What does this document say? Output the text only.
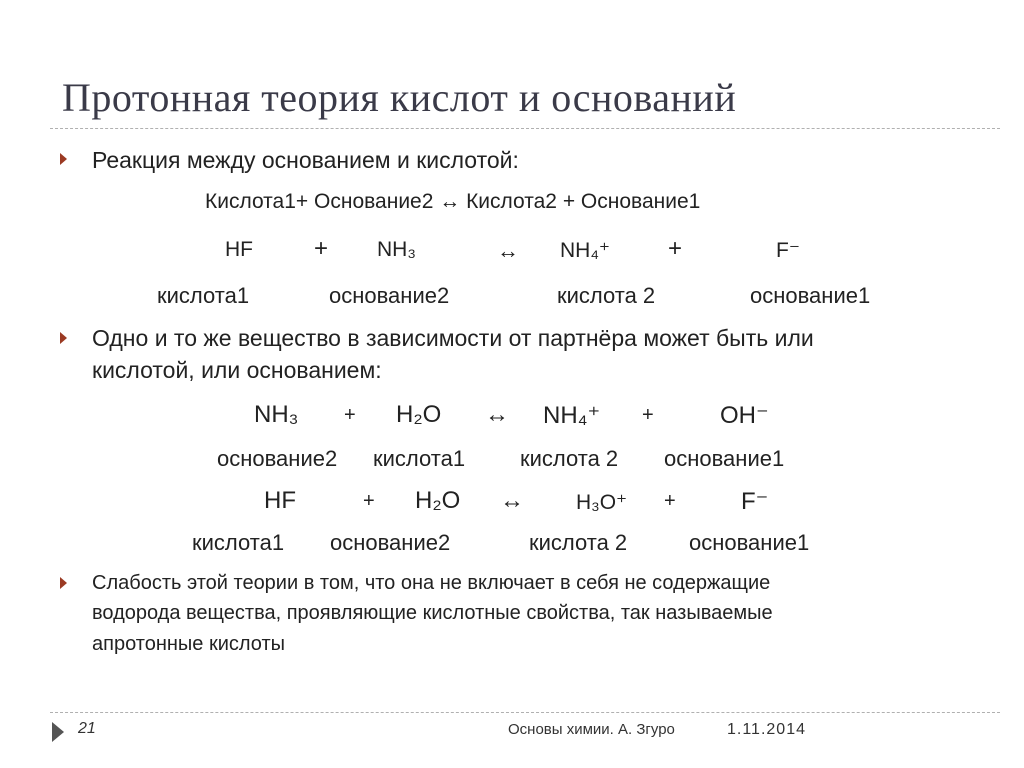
Протонная теория кислот и оснований
Реакция между основанием и кислотой:
Кислота1+ Основание2 ↔ Кислота2 + Основание1
HF	+ NH₃	↔ NH₄⁺ +	F⁻
кислота1	основание2	кислота 2	основание1
Одно и то же вещество в зависимости от партнёра может быть или
кислотой, или основанием:
NH₃ + H₂O ↔ NH₄⁺ +	OH⁻
основание2 кислота1 кислота 2 основание1
HF	+ H₂O ↔ H₃O⁺ +	F⁻
кислота1 основание2	кислота 2	основание1
Слабость этой теории в том, что она не включает в себя не содержащие
водорода вещества, проявляющие кислотные свойства, так называемые
апротонные кислоты
21	Основы химии. А. Згуро	1.11.2014
